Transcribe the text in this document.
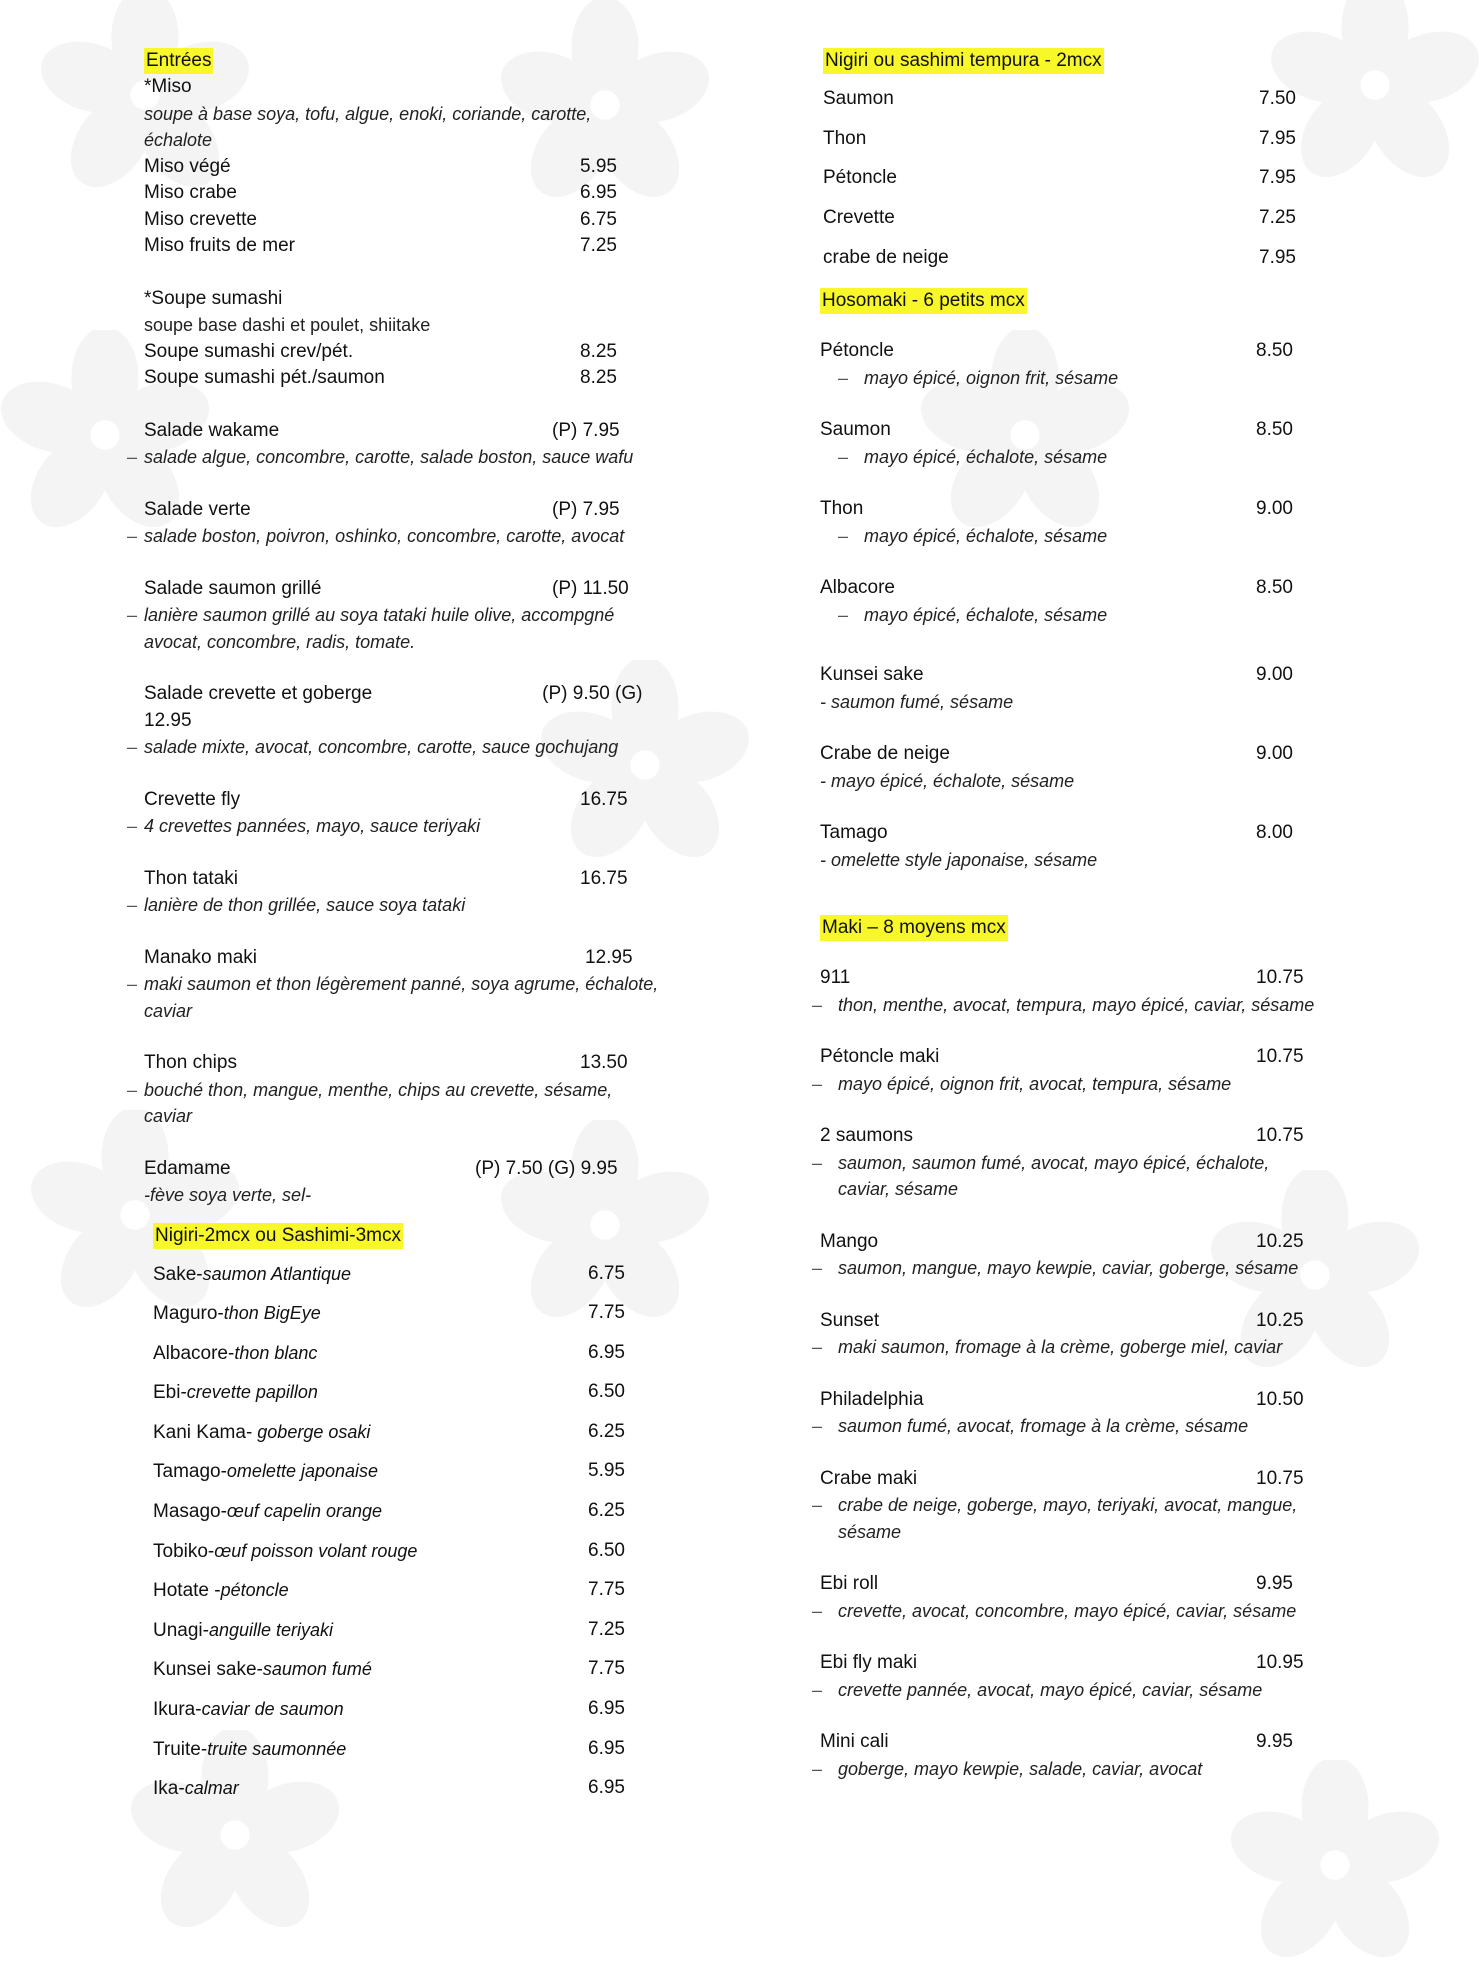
Entrées
*Miso
soupe à base soya, tofu, algue, enoki, coriande, carotte, échalote
Miso végé	5.95
Miso crabe	6.95
Miso crevette	6.75
Miso fruits de mer	7.25
*Soupe sumashi
soupe base dashi et poulet, shiitake
Soupe sumashi crev/pét.	8.25
Soupe sumashi pét./saumon	8.25
Salade wakame	(P) 7.95
– salade algue, concombre, carotte, salade boston, sauce wafu
Salade verte	(P) 7.95
– salade boston, poivron, oshinko, concombre, carotte, avocat
Salade saumon grillé	(P) 11.50
– lanière saumon grillé au soya tataki huile olive, accompgné avocat, concombre, radis, tomate.
Salade crevette et goberge	(P) 9.50 (G) 12.95
– salade mixte, avocat, concombre, carotte, sauce gochujang
Crevette fly	16.75
– 4 crevettes pannées, mayo, sauce teriyaki
Thon tataki	16.75
– lanière de thon grillée, sauce soya tataki
Manako maki	12.95
– maki saumon et thon légèrement panné, soya agrume, échalote, caviar
Thon chips	13.50
– bouché thon, mangue, menthe, chips au crevette, sésame, caviar
Edamame	(P) 7.50 (G) 9.95
-fève soya verte, sel-
Nigiri-2mcx ou Sashimi-3mcx
Sake-saumon Atlantique	6.75
Maguro-thon BigEye	7.75
Albacore-thon blanc	6.95
Ebi-crevette papillon	6.50
Kani Kama- goberge osaki	6.25
Tamago-omelette japonaise	5.95
Masago-œuf capelin orange	6.25
Tobiko-œuf poisson volant rouge	6.50
Hotate -pétoncle	7.75
Unagi-anguille teriyaki	7.25
Kunsei sake-saumon fumé	7.75
Ikura-caviar de saumon	6.95
Truite-truite saumonnée	6.95
Ika-calmar	6.95
Nigiri ou sashimi tempura - 2mcx
Saumon	7.50
Thon	7.95
Pétoncle	7.95
Crevette	7.25
crabe de neige	7.95
Hosomaki - 6 petits mcx
Pétoncle	8.50
– mayo épicé, oignon frit, sésame
Saumon	8.50
– mayo épicé, échalote, sésame
Thon	9.00
– mayo épicé, échalote, sésame
Albacore	8.50
– mayo épicé, échalote, sésame
Kunsei sake	9.00
- saumon fumé, sésame
Crabe de neige	9.00
- mayo épicé, échalote, sésame
Tamago	8.00
- omelette style japonaise, sésame
Maki – 8 moyens mcx
911	10.75
– thon, menthe, avocat, tempura, mayo épicé, caviar, sésame
Pétoncle maki	10.75
– mayo épicé, oignon frit, avocat, tempura, sésame
2 saumons	10.75
– saumon, saumon fumé, avocat, mayo épicé, échalote, caviar, sésame
Mango	10.25
– saumon, mangue, mayo kewpie, caviar, goberge, sésame
Sunset	10.25
– maki saumon, fromage à la crème, goberge miel, caviar
Philadelphia	10.50
– saumon fumé, avocat, fromage à la crème, sésame
Crabe maki	10.75
– crabe de neige, goberge, mayo, teriyaki, avocat, mangue, sésame
Ebi roll	9.95
– crevette, avocat, concombre, mayo épicé, caviar, sésame
Ebi fly maki	10.95
– crevette pannée, avocat, mayo épicé, caviar, sésame
Mini cali	9.95
– goberge, mayo kewpie, salade, caviar, avocat
